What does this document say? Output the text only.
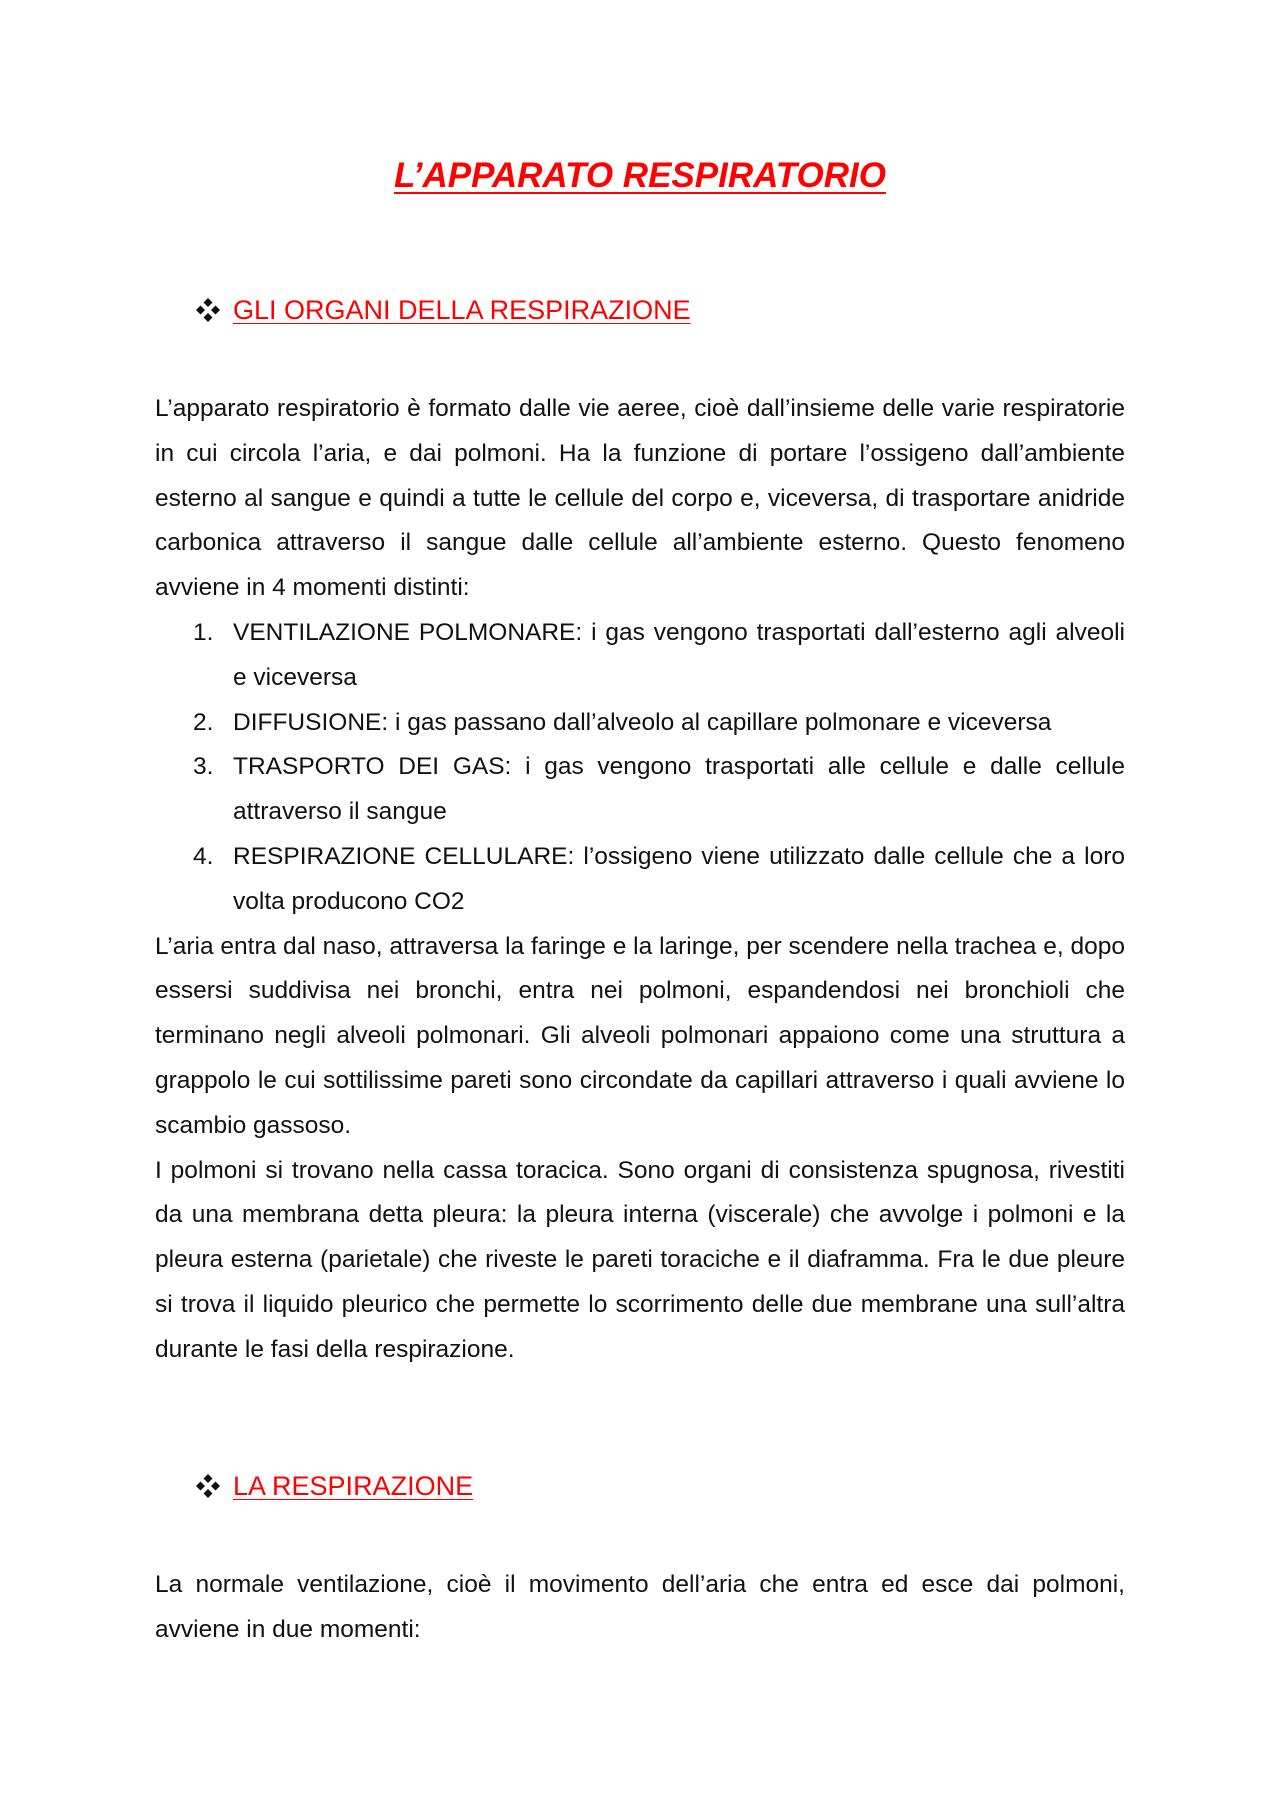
L’APPARATO RESPIRATORIO
GLI ORGANI DELLA RESPIRAZIONE

L’apparato respiratorio è formato dalle vie aeree, cioè dall’insieme delle varie respiratorie in cui circola l’aria, e dai polmoni. Ha la funzione di portare l’ossigeno dall’ambiente esterno al sangue e quindi a tutte le cellule del corpo e, viceversa, di trasportare anidride carbonica attraverso il sangue dalle cellule all’ambiente esterno. Questo fenomeno avviene in 4 momenti distinti:

1. VENTILAZIONE POLMONARE: i gas vengono trasportati dall’esterno agli alveoli e viceversa
2. DIFFUSIONE: i gas passano dall’alveolo al capillare polmonare e viceversa
3. TRASPORTO DEI GAS: i gas vengono trasportati alle cellule e dalle cellule attraverso il sangue
4. RESPIRAZIONE CELLULARE: l’ossigeno viene utilizzato dalle cellule che a loro volta producono CO2

L’aria entra dal naso, attraversa la faringe e la laringe, per scendere nella trachea e, dopo essersi suddivisa nei bronchi, entra nei polmoni, espandendosi nei bronchioli che terminano negli alveoli polmonari. Gli alveoli polmonari appaiono come una struttura a grappolo le cui sottilissime pareti sono circondate da capillari attraverso i quali avviene lo scambio gassoso.

I polmoni si trovano nella cassa toracica. Sono organi di consistenza spugnosa, rivestiti da una membrana detta pleura: la pleura interna (viscerale) che avvolge i polmoni e la pleura esterna (parietale) che riveste le pareti toraciche e il diaframma. Fra le due pleure si trova il liquido pleurico che permette lo scorrimento delle due membrane una sull’altra durante le fasi della respirazione.

LA RESPIRAZIONE

La normale ventilazione, cioè il movimento dell’aria che entra ed esce dai polmoni, avviene in due momenti:
